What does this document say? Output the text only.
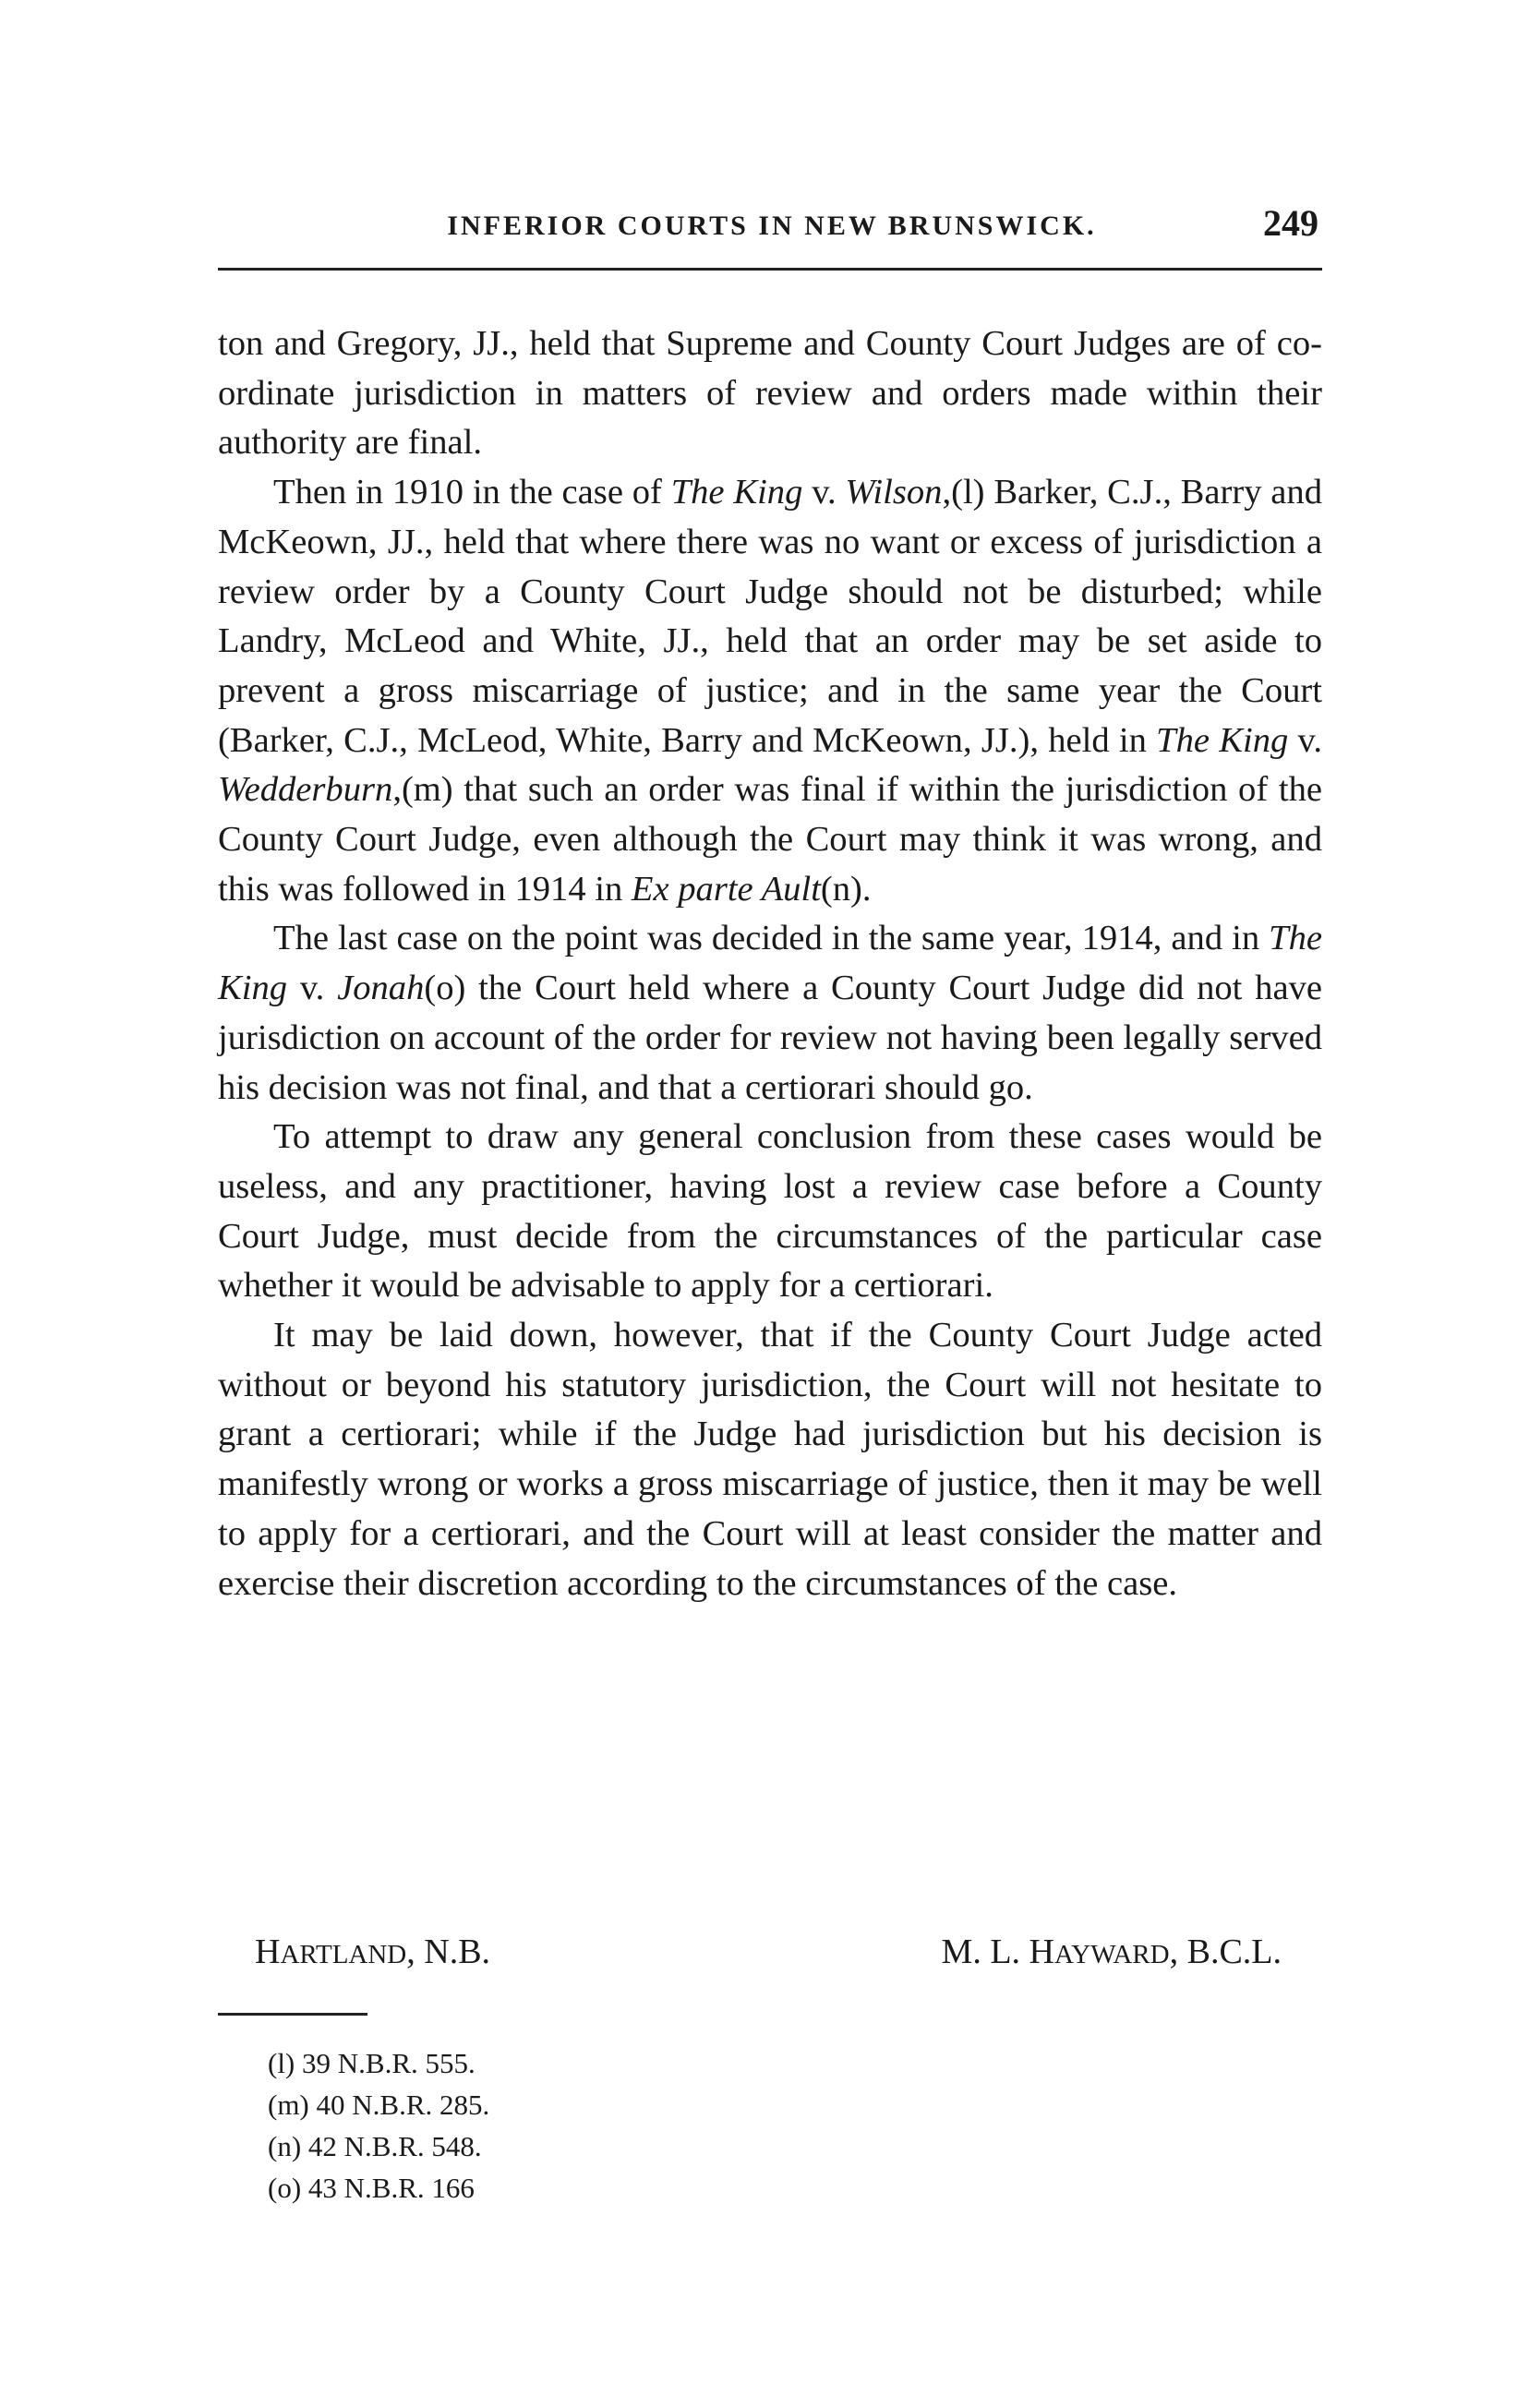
INFERIOR COURTS IN NEW BRUNSWICK.	249

ton and Gregory, JJ., held that Supreme and County Court Judges are of co-ordinate jurisdiction in matters of review and orders made within their authority are final.

Then in 1910 in the case of The King v. Wilson,(l) Barker, C.J., Barry and McKeown, JJ., held that where there was no want or excess of jurisdiction a review order by a County Court Judge should not be disturbed; while Landry, McLeod and White, JJ., held that an order may be set aside to prevent a gross miscarriage of justice; and in the same year the Court (Barker, C.J., McLeod, White, Barry and McKeown, JJ.), held in The King v. Wedderburn,(m) that such an order was final if within the jurisdiction of the County Court Judge, even although the Court may think it was wrong, and this was followed in 1914 in Ex parte Ault(n).

The last case on the point was decided in the same year, 1914, and in The King v. Jonah(o) the Court held where a County Court Judge did not have jurisdiction on account of the order for review not having been legally served his decision was not final, and that a certiorari should go.

To attempt to draw any general conclusion from these cases would be useless, and any practitioner, having lost a review case before a County Court Judge, must decide from the circumstances of the particular case whether it would be advisable to apply for a certiorari.

It may be laid down, however, that if the County Court Judge acted without or beyond his statutory jurisdiction, the Court will not hesitate to grant a certiorari; while if the Judge had jurisdiction but his decision is manifestly wrong or works a gross miscarriage of justice, then it may be well to apply for a certiorari, and the Court will at least consider the matter and exercise their discretion according to the circumstances of the case.

HARTLAND, N.B.	M. L. HAYWARD, B.C.L.
(l) 39 N.B.R. 555.
(m) 40 N.B.R. 285.
(n) 42 N.B.R. 548.
(o) 43 N.B.R. 166
